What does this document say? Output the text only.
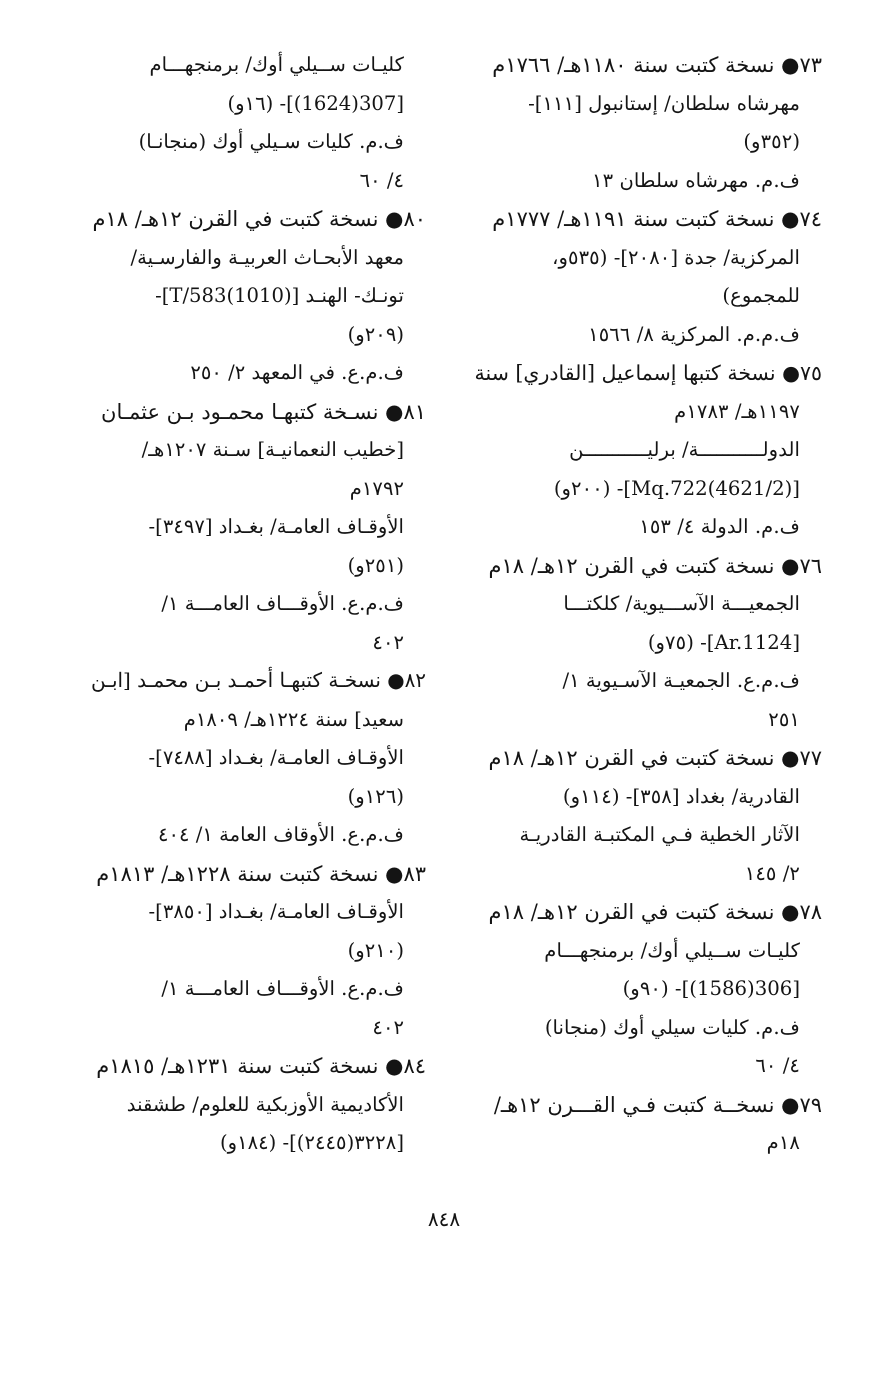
٧٣● نسخة كتبت سنة ١١٨٠هـ/ ١٧٦٦م
مهرشاه سلطان/ إستانبول [١١١]-
(٣٥٢و)
ف.م. مهرشاه سلطان ١٣
٧٤● نسخة كتبت سنة ١١٩١هـ/ ١٧٧٧م
المركزية/ جدة [٢٠٨٠]- (٥٣٥و،
للمجموع)
ف.م.م. المركزية ٨/ ١٥٦٦
٧٥● نسخة كتبها إسماعيل [القادري] سنة
١١٩٧هـ/ ١٧٨٣م
الدولـــــــــــة/ برليـــــــــــن
[(4621/2)Mq.722]- (٢٠٠و)
ف.م. الدولة ٤/ ١٥٣
٧٦● نسخة كتبت في القرن ١٢هـ/ ١٨م
الجمعيـــة الآســـيوية/ كلكتـــا
[Ar.1124]- (٧٥و)
ف.م.ع. الجمعيـة الآسـيوية ١/
٢٥١
٧٧● نسخة كتبت في القرن ١٢هـ/ ١٨م
القادرية/ بغداد [٣٥٨]- (١١٤و)
الآثار الخطية فـي المكتبـة القادريـة
٢/ ١٤٥
٧٨● نسخة كتبت في القرن ١٢هـ/ ١٨م
كليـات ســيلي أوك/ برمنجهـــام
[306(1586)]- (٩٠و)
ف.م. كليات سيلي أوك (منجانا)
٤/ ٦٠
٧٩● نسخــة كتبت فـي القـــرن ١٢هـ/
١٨م
كليـات ســيلي أوك/ برمنجهـــام
[307(1624)]- (١٦و)
ف.م. كليات سـيلي أوك (منجانـا)
٤/ ٦٠
٨٠● نسخة كتبت في القرن ١٢هـ/ ١٨م
معهد الأبحـاث العربيـة والفارسـية/
تونـك- الهنـد [T/583(1010)]-
(٢٠٩و)
ف.م.ع. في المعهد ٢/ ٢٥٠
٨١● نسـخة كتبهـا محمـود بـن عثمـان
[خطيب النعمانيـة] سـنة ١٢٠٧هـ/
١٧٩٢م
الأوقـاف العامـة/ بغـداد [٣٤٩٧]-
(٢٥١و)
ف.م.ع. الأوقـــاف العامـــة ١/
٤٠٢
٨٢● نسخـة كتبهـا أحمـد بـن محمـد [ابـن
سعيد] سنة ١٢٢٤هـ/ ١٨٠٩م
الأوقـاف العامـة/ بغـداد [٧٤٨٨]-
(١٢٦و)
ف.م.ع. الأوقاف العامة ١/ ٤٠٤
٨٣● نسخة كتبت سنة ١٢٢٨هـ/ ١٨١٣م
الأوقـاف العامـة/ بغـداد [٣٨٥٠]-
(٢١٠و)
ف.م.ع. الأوقـــاف العامـــة ١/
٤٠٢
٨٤● نسخة كتبت سنة ١٢٣١هـ/ ١٨١٥م
الأكاديمية الأوزبكية للعلوم/ طشقند
[٣٢٢٨(٢٤٤٥)]- (١٨٤و)
٨٤٨
